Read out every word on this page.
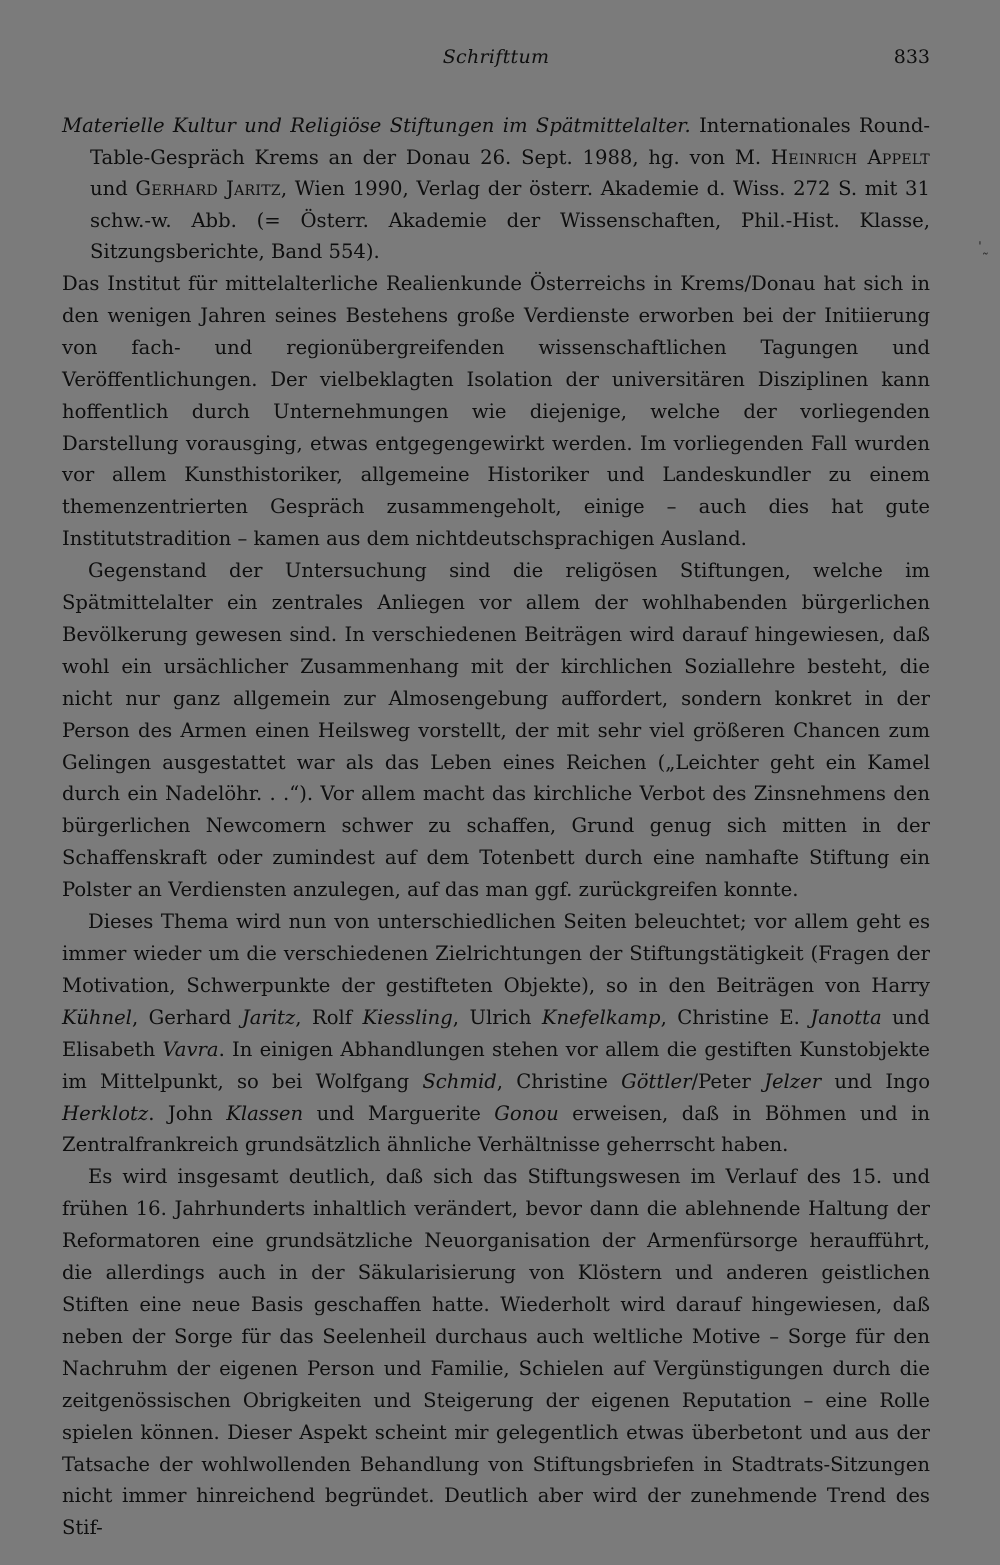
Schrifttum	833

Materielle Kultur und Religiöse Stiftungen im Spätmittelalter. Internationales Round-Table-Gespräch Krems an der Donau 26. Sept. 1988, hg. von M. Heinrich Appelt und Gerhard Jaritz, Wien 1990, Verlag der österr. Akademie d. Wiss. 272 S. mit 31 schw.-w. Abb. (= Österr. Akademie der Wissenschaften, Phil.-Hist. Klasse, Sitzungsberichte, Band 554).

Das Institut für mittelalterliche Realienkunde Österreichs in Krems/Donau hat sich in den wenigen Jahren seines Bestehens große Verdienste erworben bei der Initiierung von fach- und regionübergreifenden wissenschaftlichen Tagungen und Veröffentlichungen. Der vielbeklagten Isolation der universitären Disziplinen kann hoffentlich durch Unternehmungen wie diejenige, welche der vorliegenden Darstellung vorausging, etwas entgegengewirkt werden. Im vorliegenden Fall wurden vor allem Kunsthistoriker, allgemeine Historiker und Landeskundler zu einem themenzentrierten Gespräch zusammengeholt, einige – auch dies hat gute Institutstradition – kamen aus dem nichtdeutschsprachigen Ausland.

Gegenstand der Untersuchung sind die religösen Stiftungen, welche im Spätmittelalter ein zentrales Anliegen vor allem der wohlhabenden bürgerlichen Bevölkerung gewesen sind. In verschiedenen Beiträgen wird darauf hingewiesen, daß wohl ein ursächlicher Zusammenhang mit der kirchlichen Soziallehre besteht, die nicht nur ganz allgemein zur Almosengebung auffordert, sondern konkret in der Person des Armen einen Heilsweg vorstellt, der mit sehr viel größeren Chancen zum Gelingen ausgestattet war als das Leben eines Reichen („Leichter geht ein Kamel durch ein Nadelöhr. . .“). Vor allem macht das kirchliche Verbot des Zinsnehmens den bürgerlichen Newcomern schwer zu schaffen, Grund genug sich mitten in der Schaffenskraft oder zumindest auf dem Totenbett durch eine namhafte Stiftung ein Polster an Verdiensten anzulegen, auf das man ggf. zurückgreifen konnte.

Dieses Thema wird nun von unterschiedlichen Seiten beleuchtet; vor allem geht es immer wieder um die verschiedenen Zielrichtungen der Stiftungstätigkeit (Fragen der Motivation, Schwerpunkte der gestifteten Objekte), so in den Beiträgen von Harry Kühnel, Gerhard Jaritz, Rolf Kiessling, Ulrich Knefelkamp, Christine E. Janotta und Elisabeth Vavra. In einigen Abhandlungen stehen vor allem die gestiften Kunstobjekte im Mittelpunkt, so bei Wolfgang Schmid, Christine Göttler/Peter Jelzer und Ingo Herklotz. John Klassen und Marguerite Gonou erweisen, daß in Böhmen und in Zentralfrankreich grundsätzlich ähnliche Verhältnisse geherrscht haben.

Es wird insgesamt deutlich, daß sich das Stiftungswesen im Verlauf des 15. und frühen 16. Jahrhunderts inhaltlich verändert, bevor dann die ablehnende Haltung der Reformatoren eine grundsätzliche Neuorganisation der Armenfürsorge heraufführt, die allerdings auch in der Säkularisierung von Klöstern und anderen geistlichen Stiften eine neue Basis geschaffen hatte. Wiederholt wird darauf hingewiesen, daß neben der Sorge für das Seelenheil durchaus auch weltliche Motive – Sorge für den Nachruhm der eigenen Person und Familie, Schielen auf Vergünstigungen durch die zeitgenössischen Obrigkeiten und Steigerung der eigenen Reputation – eine Rolle spielen können. Dieser Aspekt scheint mir gelegentlich etwas überbetont und aus der Tatsache der wohlwollenden Behandlung von Stiftungsbriefen in Stadtrats-Sitzungen nicht immer hinreichend begründet. Deutlich aber wird der zunehmende Trend des Stif-

ˈ˷
